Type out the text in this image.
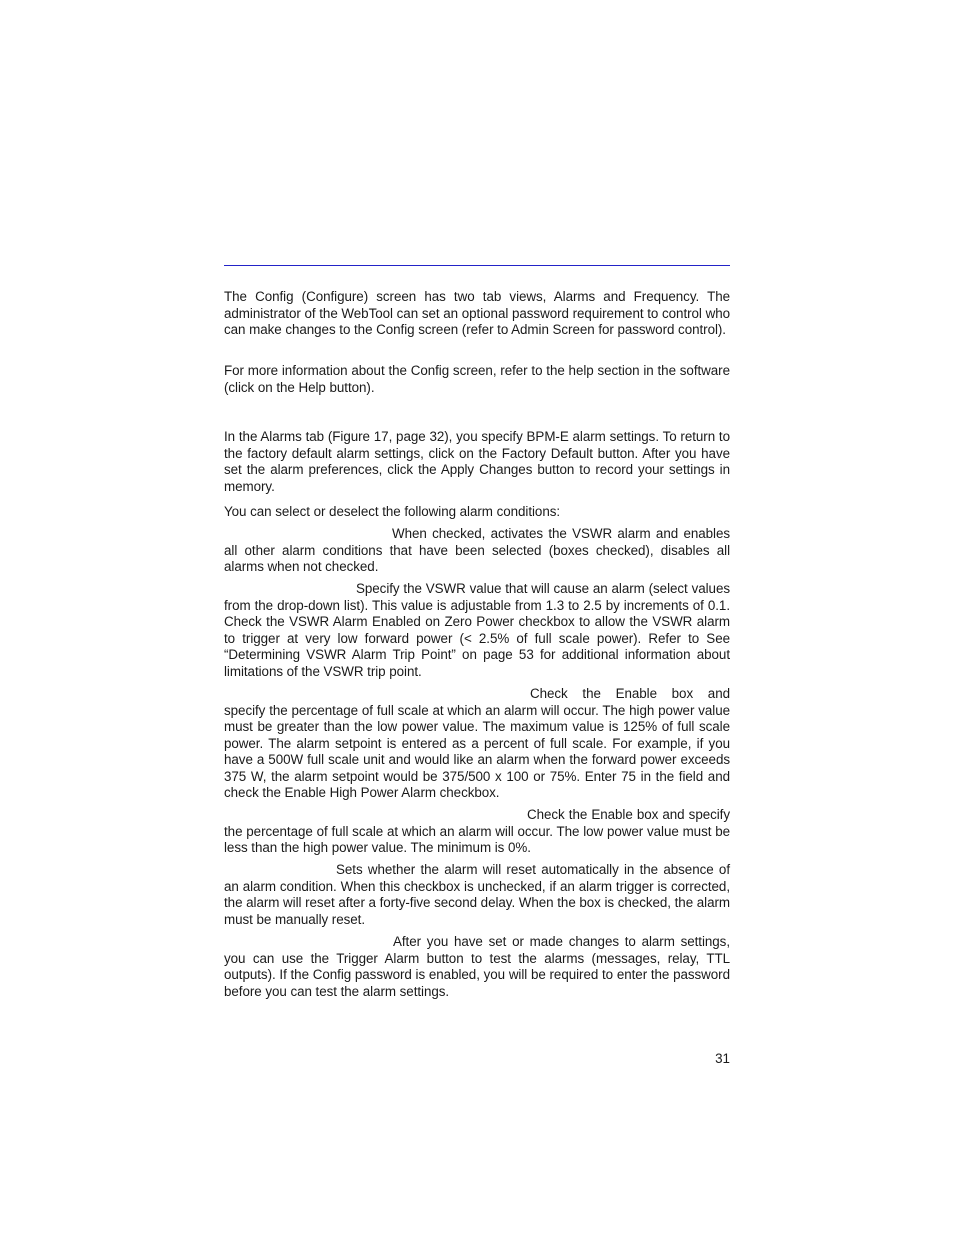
The Config (Configure) screen has two tab views, Alarms and Frequency. The administrator of the WebTool can set an optional password requirement to control who can make changes to the Config screen (refer to Admin Screen for password control).

For more information about the Config screen, refer to the help section in the software (click on the Help button).

In the Alarms tab (Figure 17, page 32), you specify BPM-E alarm settings. To return to the factory default alarm settings, click on the Factory Default button. After you have set the alarm preferences, click the Apply Changes button to record your settings in memory.

You can select or deselect the following alarm conditions:

When checked, activates the VSWR alarm and enables all other alarm conditions that have been selected (boxes checked), disables all alarms when not checked.

Specify the VSWR value that will cause an alarm (select values from the drop-down list). This value is adjustable from 1.3 to 2.5 by increments of 0.1. Check the VSWR Alarm Enabled on Zero Power checkbox to allow the VSWR alarm to trigger at very low forward power (< 2.5% of full scale power). Refer to See “Determining VSWR Alarm Trip Point” on page 53 for additional information about limitations of the VSWR trip point.

Check the Enable box and specify the percentage of full scale at which an alarm will occur. The high power value must be greater than the low power value. The maximum value is 125% of full scale power. The alarm setpoint is entered as a percent of full scale. For example, if you have a 500W full scale unit and would like an alarm when the forward power exceeds 375 W, the alarm setpoint would be 375/500 x 100 or 75%. Enter 75 in the field and check the Enable High Power Alarm checkbox.

Check the Enable box and specify the percentage of full scale at which an alarm will occur. The low power value must be less than the high power value. The minimum is 0%.

Sets whether the alarm will reset automatically in the absence of an alarm condition. When this checkbox is unchecked, if an alarm trigger is corrected, the alarm will reset after a forty-five second delay. When the box is checked, the alarm must be manually reset.

After you have set or made changes to alarm settings, you can use the Trigger Alarm button to test the alarms (messages, relay, TTL outputs). If the Config password is enabled, you will be required to enter the password before you can test the alarm settings.

31
